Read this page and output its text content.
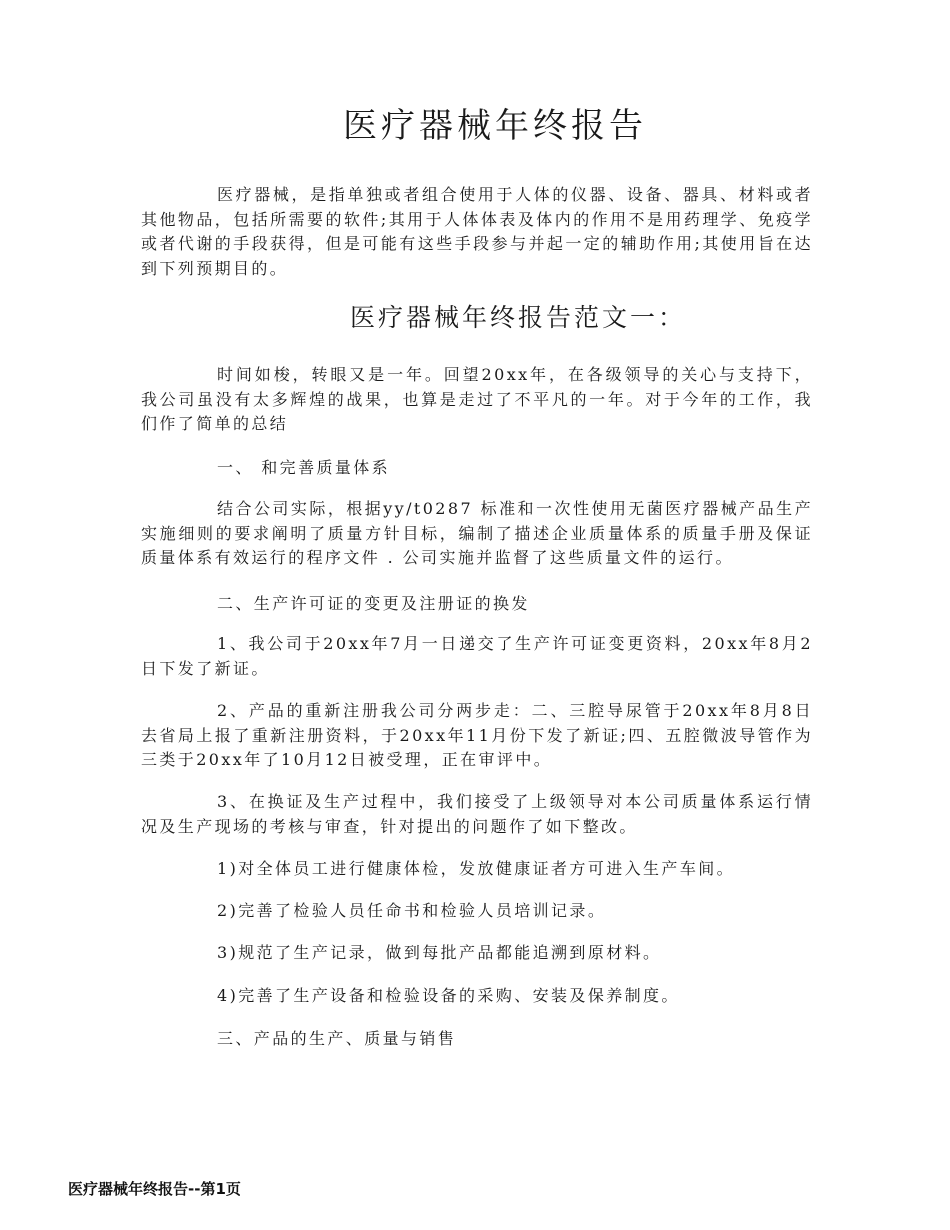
医疗器械年终报告

医疗器械，是指单独或者组合使用于人体的仪器、设备、器具、材料或者其他物品，包括所需要的软件;其用于人体体表及体内的作用不是用药理学、免疫学或者代谢的手段获得，但是可能有这些手段参与并起一定的辅助作用;其使用旨在达到下列预期目的。

医疗器械年终报告范文一：

时间如梭，转眼又是一年。回望20xx年，在各级领导的关心与支持下，我公司虽没有太多辉煌的战果，也算是走过了不平凡的一年。对于今年的工作，我们作了简单的总结

一、 和完善质量体系

结合公司实际，根据yy/t0287 标准和一次性使用无菌医疗器械产品生产实施细则的要求阐明了质量方针目标，编制了描述企业质量体系的质量手册及保证质量体系有效运行的程序文件 . 公司实施并监督了这些质量文件的运行。

二、生产许可证的变更及注册证的换发

1、我公司于20xx年7月一日递交了生产许可证变更资料，20xx年8月2日下发了新证。

2、产品的重新注册我公司分两步走：二、三腔导尿管于20xx年8月8日去省局上报了重新注册资料，于20xx年11月份下发了新证;四、五腔微波导管作为三类于20xx年了10月12日被受理，正在审评中。

3、在换证及生产过程中，我们接受了上级领导对本公司质量体系运行情况及生产现场的考核与审查，针对提出的问题作了如下整改。

1)对全体员工进行健康体检，发放健康证者方可进入生产车间。

2)完善了检验人员任命书和检验人员培训记录。

3)规范了生产记录，做到每批产品都能追溯到原材料。

4)完善了生产设备和检验设备的采购、安装及保养制度。

三、产品的生产、质量与销售

医疗器械年终报告--第1页
